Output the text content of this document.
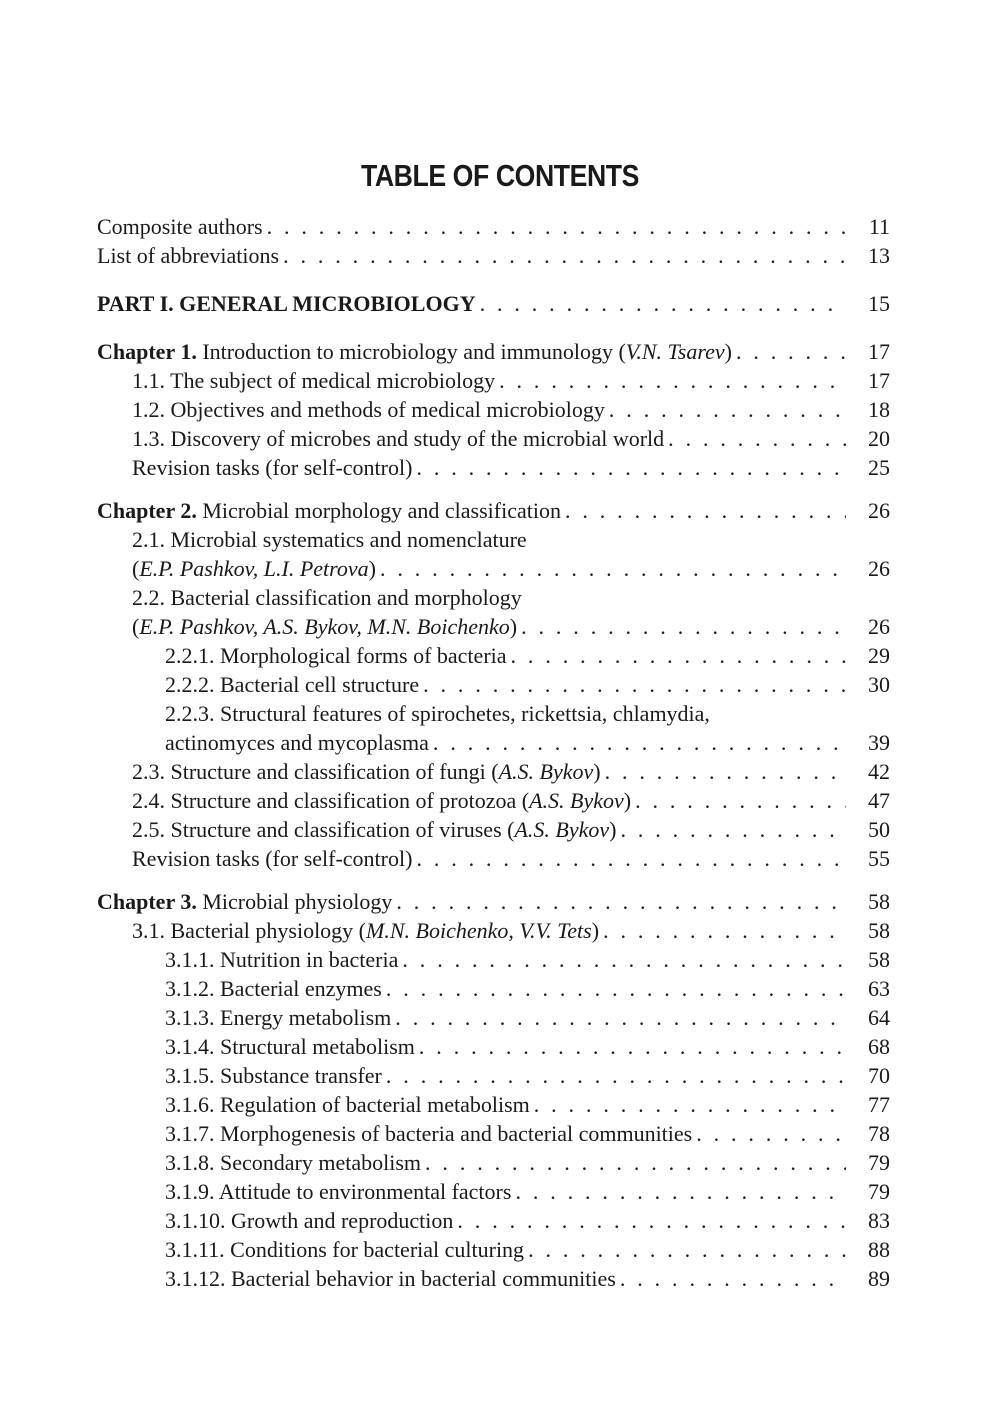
TABLE OF CONTENTS
Composite authors . . .	11
List of abbreviations . . .	13
PART I. GENERAL MICROBIOLOGY . . .	15
Chapter 1. Introduction to microbiology and immunology (V.N. Tsarev) . . .	17
1.1. The subject of medical microbiology . . .	17
1.2. Objectives and methods of medical microbiology . . .	18
1.3. Discovery of microbes and study of the microbial world . . .	20
Revision tasks (for self-control) . . .	25
Chapter 2. Microbial morphology and classification . . .	26
2.1. Microbial systematics and nomenclature
(E.P. Pashkov, L.I. Petrova) . . .	26
2.2. Bacterial classification and morphology
(E.P. Pashkov, A.S. Bykov, M.N. Boichenko) . . .	26
2.2.1. Morphological forms of bacteria . . .	29
2.2.2. Bacterial cell structure . . .	30
2.2.3. Structural features of spirochetes, rickettsia, chlamydia,
actinomyces and mycoplasma . . .	39
2.3. Structure and classification of fungi (A.S. Bykov) . . .	42
2.4. Structure and classification of protozoa (A.S. Bykov) . . .	47
2.5. Structure and classification of viruses (A.S. Bykov) . . .	50
Revision tasks (for self-control) . . .	55
Chapter 3. Microbial physiology . . .	58
3.1. Bacterial physiology (M.N. Boichenko, V.V. Tets) . . .	58
3.1.1. Nutrition in bacteria . . .	58
3.1.2. Bacterial enzymes . . .	63
3.1.3. Energy metabolism . . .	64
3.1.4. Structural metabolism . . .	68
3.1.5. Substance transfer . . .	70
3.1.6. Regulation of bacterial metabolism . . .	77
3.1.7. Morphogenesis of bacteria and bacterial communities . . .	78
3.1.8. Secondary metabolism . . .	79
3.1.9. Attitude to environmental factors . . .	79
3.1.10. Growth and reproduction . . .	83
3.1.11. Conditions for bacterial culturing . . .	88
3.1.12. Bacterial behavior in bacterial communities . . .	89
